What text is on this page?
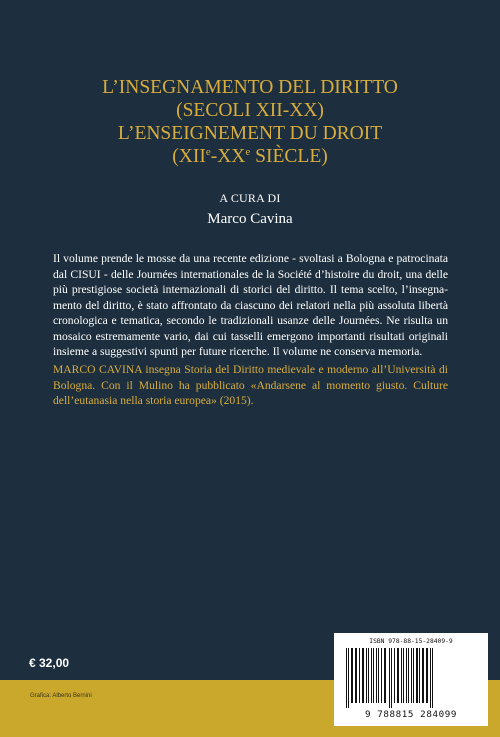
L’INSEGNAMENTO DEL DIRITTO
(SECOLI XII-XX)
L’ENSEIGNEMENT DU DROIT
(XIIe-XXe SIÈCLE)
A CURA DI
Marco Cavina
Il volume prende le mosse da una recente edizione - svoltasi a Bologna e patrocinata dal CISUI - delle Journées internationales de la Société d’histoire du droit, una delle più prestigiose società internazionali di storici del diritto. Il tema scelto, l’insegna- mento del diritto, è stato affrontato da ciascuno dei relatori nella più assoluta libertà cronologica e tematica, secondo le tradizionali usanze delle Journées. Ne risulta un mosaico estremamente vario, dai cui tasselli emergono importanti risultati originali insieme a suggestivi spunti per future ricerche. Il volume ne conserva memoria.
MARCO CAVINA insegna Storia del Diritto medievale e moderno all’Università di Bologna. Con il Mulino ha pubblicato «Andarsene al momento giusto. Culture dell’eutanasia nella storia europea» (2015).
€ 32,00
Grafica: Alberto Bernini
ISBN 978-88-15-28409-9
9 788815 284099
